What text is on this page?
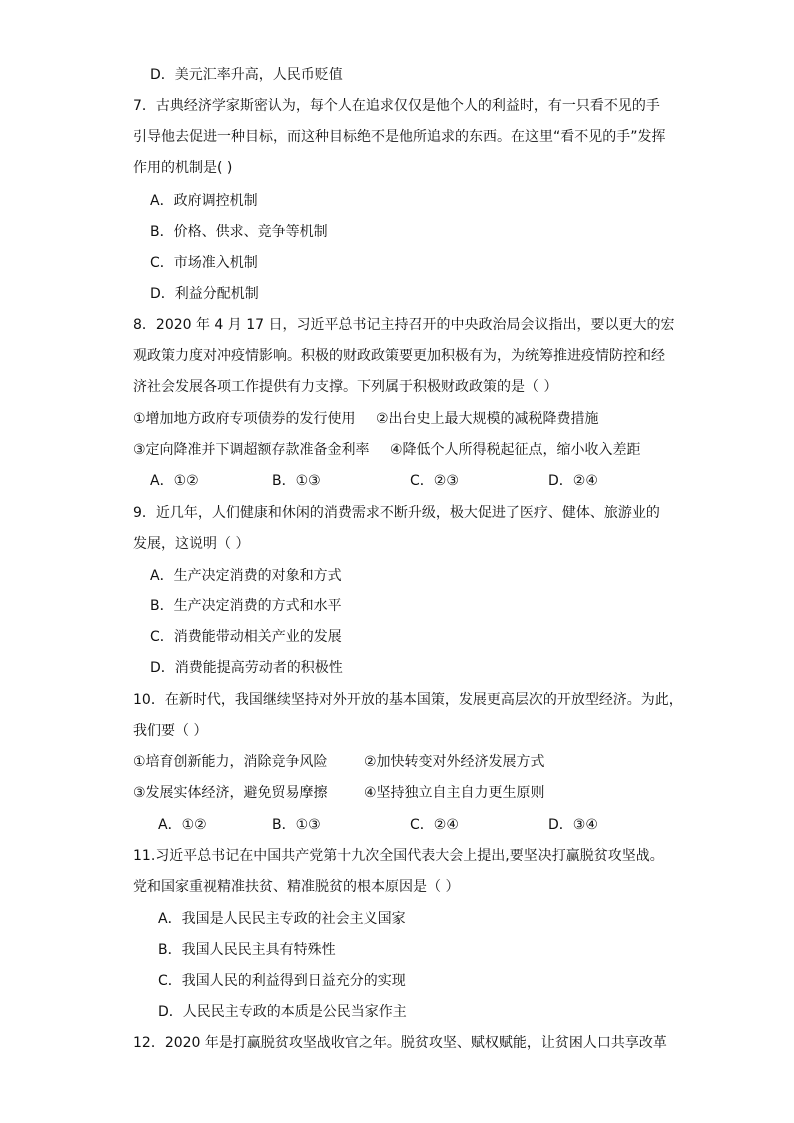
D．美元汇率升高，人民币贬值
7．古典经济学家斯密认为，每个人在追求仅仅是他个人的利益时，有一只看不见的手
引导他去促进一种目标，而这种目标绝不是他所追求的东西。在这里“看不见的手”发挥
作用的机制是( )
A．政府调控机制
B．价格、供求、竞争等机制
C．市场准入机制
D．利益分配机制
8．2020 年 4 月 17 日，习近平总书记主持召开的中央政治局会议指出，要以更大的宏
观政策力度对冲疫情影响。积极的财政政策要更加积极有为，为统筹推进疫情防控和经
济社会发展各项工作提供有力支撑。下列属于积极财政政策的是（ ）
①增加地方政府专项债券的发行使用 ②出台史上最大规模的减税降费措施
③定向降准并下调超额存款准备金利率 ④降低个人所得税起征点，缩小收入差距
A．①②	B．①③	C．②③	D．②④
9．近几年，人们健康和休闲的消费需求不断升级，极大促进了医疗、健体、旅游业的
发展，这说明（ ）
A．生产决定消费的对象和方式
B．生产决定消费的方式和水平
C．消费能带动相关产业的发展
D．消费能提高劳动者的积极性
10．在新时代，我国继续坚持对外开放的基本国策，发展更高层次的开放型经济。为此，
我们要（ ）
①培育创新能力，消除竞争风险	②加快转变对外经济发展方式
③发展实体经济，避免贸易摩擦	④坚持独立自主自力更生原则
A．①②	B．①③	C．②④	D．③④
11.习近平总书记在中国共产党第十九次全国代表大会上提出,要坚决打赢脱贫攻坚战。
党和国家重视精准扶贫、精准脱贫的根本原因是（ ）
A．我国是人民民主专政的社会主义国家
B．我国人民民主具有特殊性
C．我国人民的利益得到日益充分的实现
D．人民民主专政的本质是公民当家作主
12．2020 年是打赢脱贫攻坚战收官之年。脱贫攻坚、赋权赋能，让贫困人口共享改革
